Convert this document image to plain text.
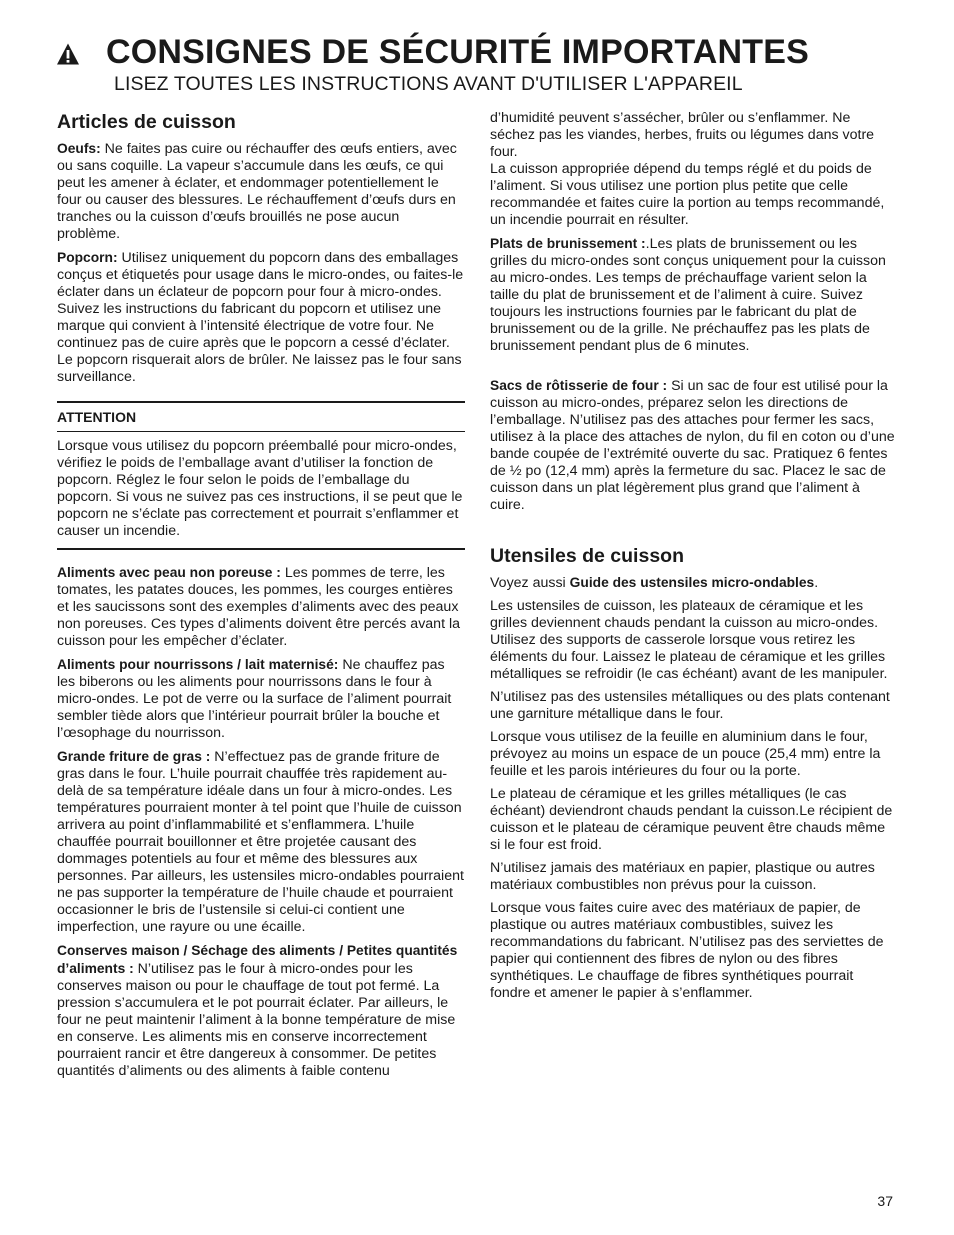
CONSIGNES DE SÉCURITÉ IMPORTANTES
LISEZ TOUTES LES INSTRUCTIONS AVANT D'UTILISER L'APPAREIL
Articles de cuisson

Oeufs: Ne faites pas cuire ou réchauffer des œufs entiers, avec ou sans coquille. La vapeur s’accumule dans les œufs, ce qui peut les amener à éclater, et endommager potentiellement le four ou causer des blessures. Le réchauffement d’œufs durs en tranches ou la cuisson d’œufs brouillés ne pose aucun problème.

Popcorn: Utilisez uniquement du popcorn dans des emballages conçus et étiquetés pour usage dans le micro-ondes, ou faites-le éclater dans un éclateur de popcorn pour four à micro-ondes. Suivez les instructions du fabricant du popcorn et utilisez une marque qui convient à l’intensité électrique de votre four. Ne continuez pas de cuire après que le popcorn a cessé d’éclater. Le popcorn risquerait alors de brûler. Ne laissez pas le four sans surveillance.

ATTENTION

Lorsque vous utilisez du popcorn préemballé pour micro-ondes, vérifiez le poids de l’emballage avant d’utiliser la fonction de popcorn. Réglez le four selon le poids de l’emballage du popcorn. Si vous ne suivez pas ces instructions, il se peut que le popcorn ne s’éclate pas correctement et pourrait s’enflammer et causer un incendie.

Aliments avec peau non poreuse : Les pommes de terre, les tomates, les patates douces, les pommes, les courges entières et les saucissons sont des exemples d’aliments avec des peaux non poreuses. Ces types d’aliments doivent être percés avant la cuisson pour les empêcher d’éclater.

Aliments pour nourrissons / lait maternisé: Ne chauffez pas les biberons ou les aliments pour nourrissons dans le four à micro-ondes. Le pot de verre ou la surface de l’aliment pourrait sembler tiède alors que l’intérieur pourrait brûler la bouche et l’œsophage du nourrisson.

Grande friture de gras : N’effectuez pas de grande friture de gras dans le four. L’huile pourrait chauffée très rapidement au-delà de sa température idéale dans un four à micro-ondes. Les températures pourraient monter à tel point que l’huile de cuisson arrivera au point d’inflammabilité et s’enflammera. L’huile chauffée pourrait bouillonner et être projetée causant des dommages potentiels au four et même des blessures aux personnes. Par ailleurs, les ustensiles micro-ondables pourraient ne pas supporter la température de l’huile chaude et pourraient occasionner le bris de l’ustensile si celui-ci contient une imperfection, une rayure ou une écaille.

Conserves maison / Séchage des aliments / Petites quantités d’aliments : N’utilisez pas le four à micro-ondes pour les conserves maison ou pour le chauffage de tout pot fermé. La pression s’accumulera et le pot pourrait éclater. Par ailleurs, le four ne peut maintenir l’aliment à la bonne température de mise en conserve. Les aliments mis en conserve incorrectement pourraient rancir et être dangereux à consommer. De petites quantités d’aliments ou des aliments à faible contenu

d’humidité peuvent s’assécher, brûler ou s’enflammer. Ne séchez pas les viandes, herbes, fruits ou légumes dans votre four.

La cuisson appropriée dépend du temps réglé et du poids de l’aliment. Si vous utilisez une portion plus petite que celle recommandée et faites cuire la portion au temps recommandé, un incendie pourrait en résulter.

Plats de brunissement :.Les plats de brunissement ou les grilles du micro-ondes sont conçus uniquement pour la cuisson au micro-ondes. Les temps de préchauffage varient selon la taille du plat de brunissement et de l’aliment à cuire. Suivez toujours les instructions fournies par le fabricant du plat de brunissement ou de la grille. Ne préchauffez pas les plats de brunissement pendant plus de 6 minutes.

Sacs de rôtisserie de four : Si un sac de four est utilisé pour la cuisson au micro-ondes, préparez selon les directions de l’emballage. N’utilisez pas des attaches pour fermer les sacs, utilisez à la place des attaches de nylon, du fil en coton ou d’une bande coupée de l’extrémité ouverte du sac. Pratiquez 6 fentes de ½ po (12,4 mm) après la fermeture du sac. Placez le sac de cuisson dans un plat légèrement plus grand que l’aliment à cuire.

Utensiles de cuisson

Voyez aussi Guide des ustensiles micro-ondables.

Les ustensiles de cuisson, les plateaux de céramique et les grilles deviennent chauds pendant la cuisson au micro-ondes. Utilisez des supports de casserole lorsque vous retirez les éléments du four. Laissez le plateau de céramique et les grilles métalliques se refroidir (le cas échéant) avant de les manipuler.

N’utilisez pas des ustensiles métalliques ou des plats contenant une garniture métallique dans le four.

Lorsque vous utilisez de la feuille en aluminium dans le four, prévoyez au moins un espace de un pouce (25,4 mm) entre la feuille et les parois intérieures du four ou la porte.

Le plateau de céramique et les grilles métalliques (le cas échéant) deviendront chauds pendant la cuisson.Le récipient de cuisson et le plateau de céramique peuvent être chauds même si le four est froid.

N’utilisez jamais des matériaux en papier, plastique ou autres matériaux combustibles non prévus pour la cuisson.

Lorsque vous faites cuire avec des matériaux de papier, de plastique ou autres matériaux combustibles, suivez les recommandations du fabricant. N’utilisez pas des serviettes de papier qui contiennent des fibres de nylon ou des fibres synthétiques. Le chauffage de fibres synthétiques pourrait fondre et amener le papier à s’enflammer.

37
